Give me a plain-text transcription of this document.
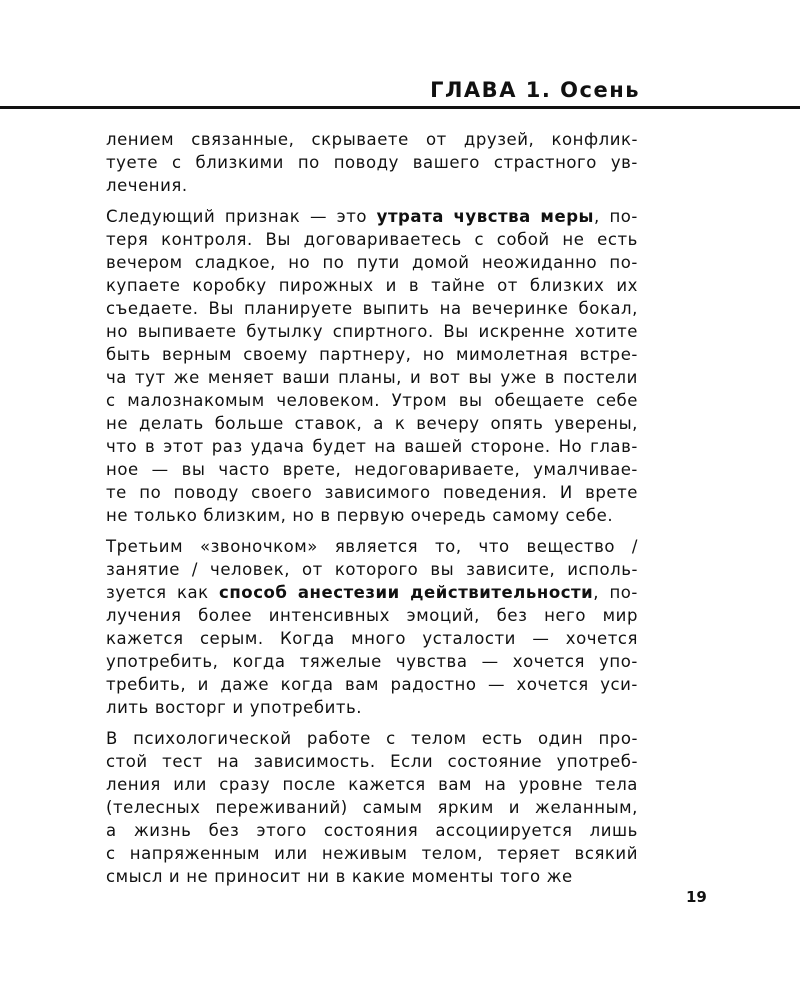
ГЛАВА 1. Осень
лением связанные, скрываете от друзей, конфлик-
туете с близкими по поводу вашего страстного ув-
лечения.
Следующий признак — это утрата чувства меры, по-
теря контроля. Вы договариваетесь с собой не есть
вечером сладкое, но по пути домой неожиданно по-
купаете коробку пирожных и в тайне от близких их
съедаете. Вы планируете выпить на вечеринке бокал,
но выпиваете бутылку спиртного. Вы искренне хотите
быть верным своему партнеру, но мимолетная встре-
ча тут же меняет ваши планы, и вот вы уже в постели
с малознакомым человеком. Утром вы обещаете себе
не делать больше ставок, а к вечеру опять уверены,
что в этот раз удача будет на вашей стороне. Но глав-
ное — вы часто врете, недоговариваете, умалчивае-
те по поводу своего зависимого поведения. И врете
не только близким, но в первую очередь самому себе.
Третьим «звоночком» является то, что вещество /
занятие / человек, от которого вы зависите, исполь-
зуется как способ анестезии действительности, по-
лучения более интенсивных эмоций, без него мир
кажется серым. Когда много усталости — хочется
употребить, когда тяжелые чувства — хочется упо-
требить, и даже когда вам радостно — хочется уси-
лить восторг и употребить.
В психологической работе с телом есть один про-
стой тест на зависимость. Если состояние употреб-
ления или сразу после кажется вам на уровне тела
(телесных переживаний) самым ярким и желанным,
а жизнь без этого состояния ассоциируется лишь
с напряженным или неживым телом, теряет всякий
смысл и не приносит ни в какие моменты того же
19
